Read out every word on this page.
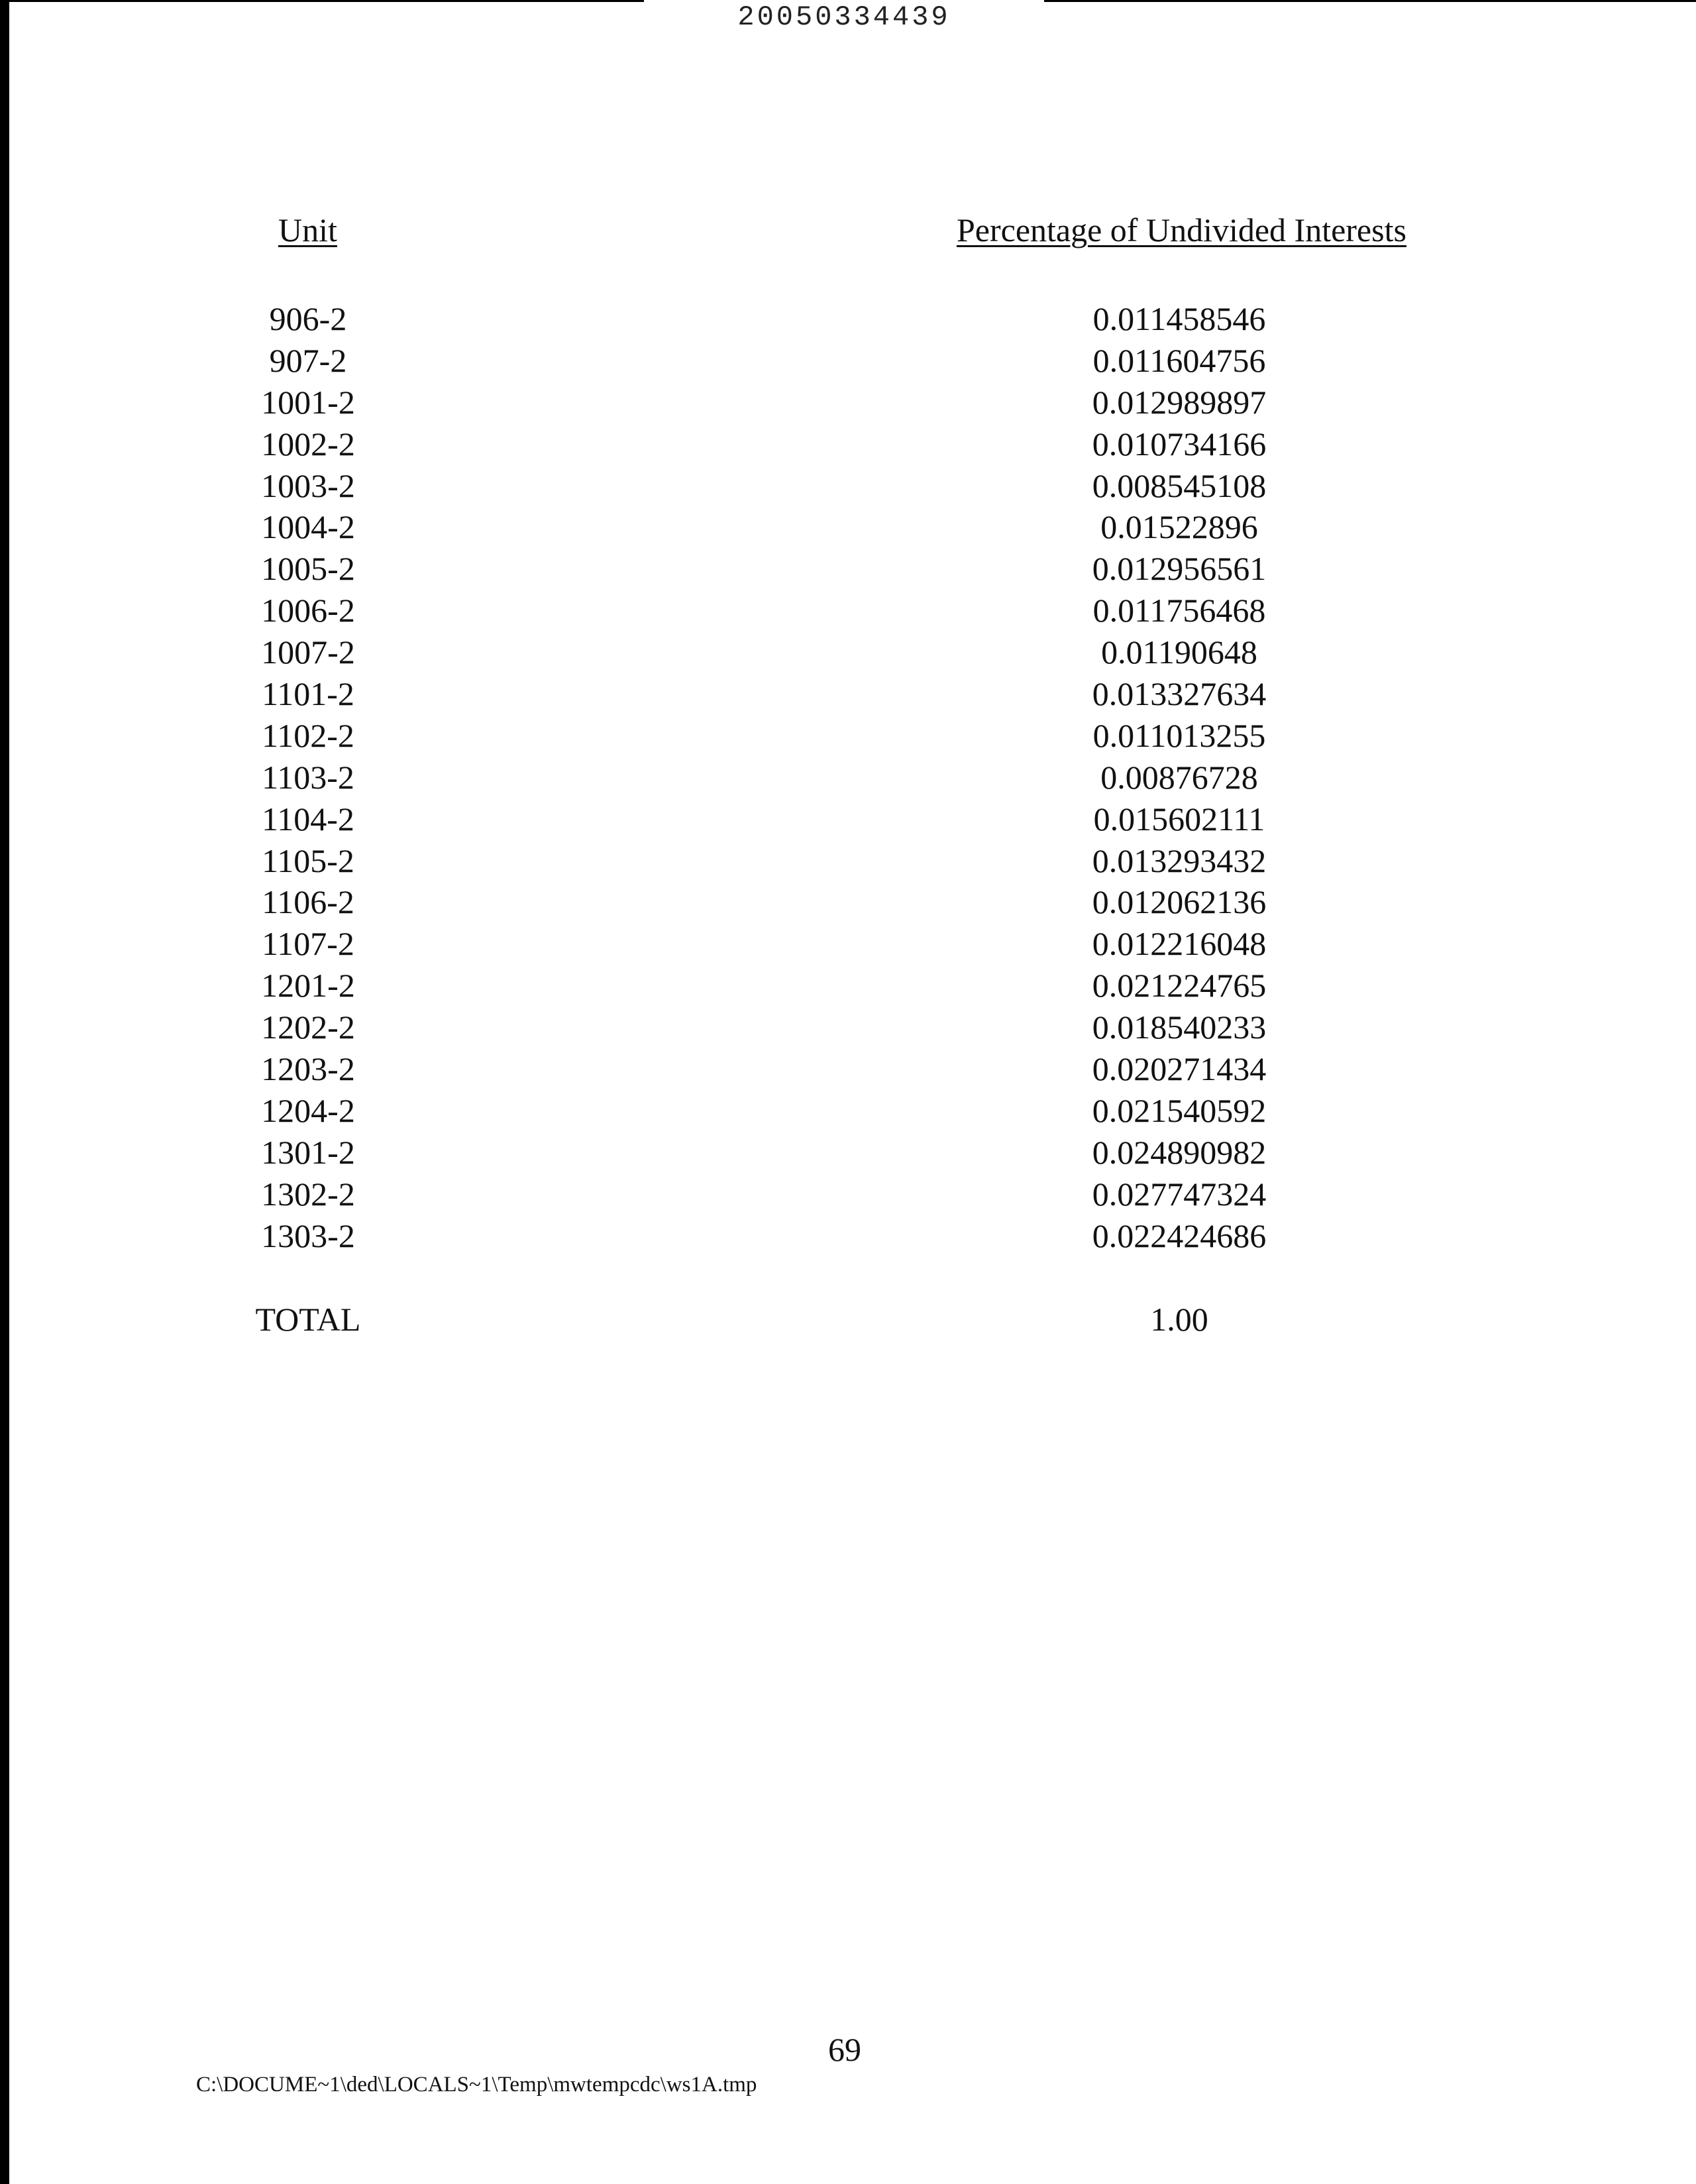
20050334439
Unit	Percentage of Undivided Interests
906-2	0.011458546
907-2	0.011604756
1001-2	0.012989897
1002-2	0.010734166
1003-2	0.008545108
1004-2	0.01522896
1005-2	0.012956561
1006-2	0.011756468
1007-2	0.01190648
1101-2	0.013327634
1102-2	0.011013255
1103-2	0.00876728
1104-2	0.015602111
1105-2	0.013293432
1106-2	0.012062136
1107-2	0.012216048
1201-2	0.021224765
1202-2	0.018540233
1203-2	0.020271434
1204-2	0.021540592
1301-2	0.024890982
1302-2	0.027747324
1303-2	0.022424686
TOTAL	1.00
69
C:\DOCUME~1\ded\LOCALS~1\Temp\mwtempcdc\ws1A.tmp
